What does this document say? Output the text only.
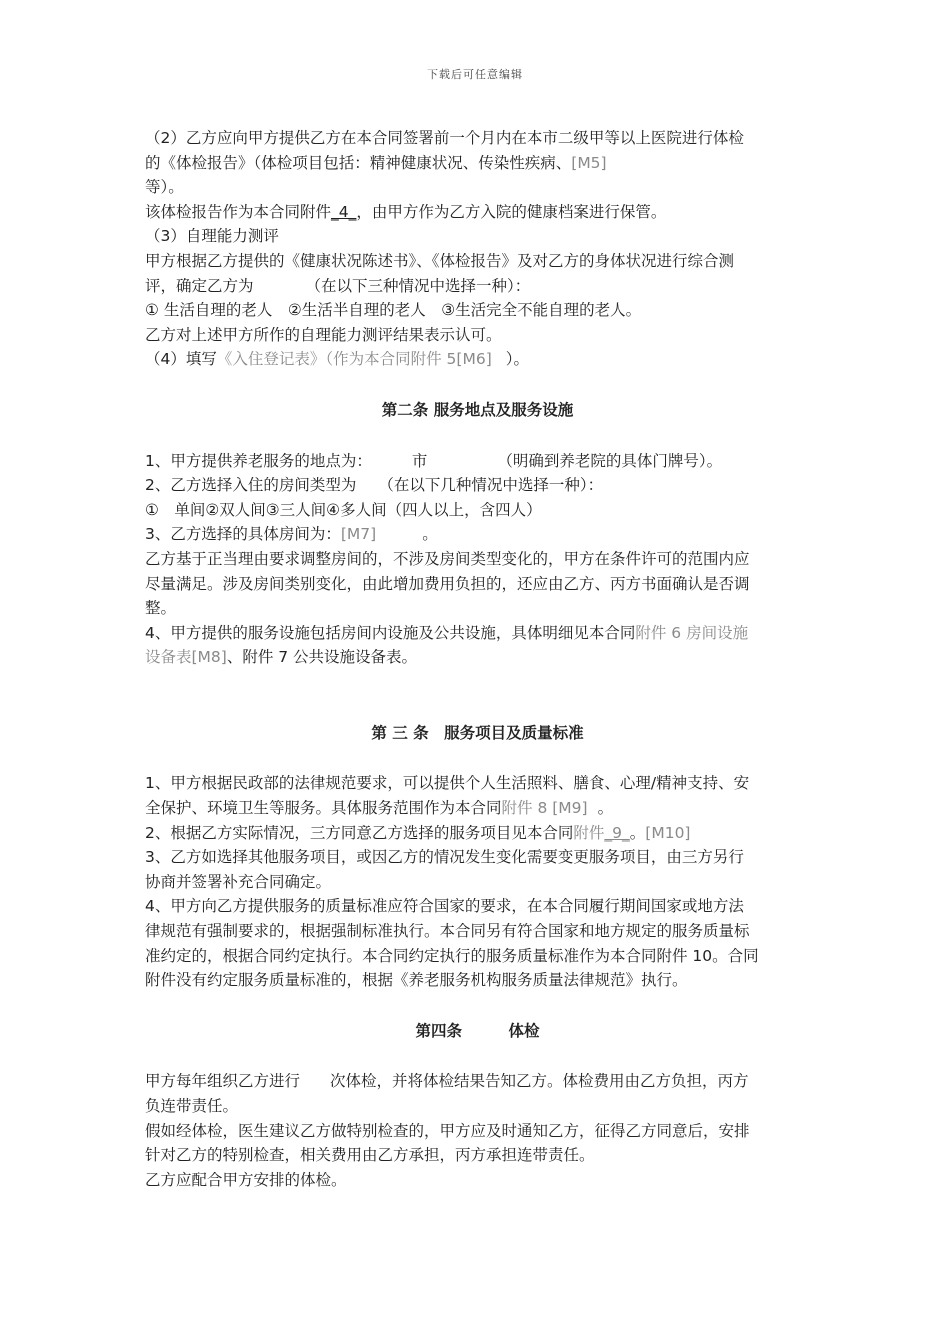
下载后可任意编辑
（2）乙方应向甲方提供乙方在本合同签署前一个月内在本市二级甲等以上医院进行体检
的《体检报告》（体检项目包括：精神健康状况、传染性疾病、[M5]
等）。
该体检报告作为本合同附件_4_，由甲方作为乙方入院的健康档案进行保管。
（3）自理能力测评
甲方根据乙方提供的《健康状况陈述书》、《体检报告》及对乙方的身体状况进行综合测
评，确定乙方为	（在以下三种情况中选择一种）：
① 生活自理的老人　②生活半自理的老人　③生活完全不能自理的老人。
乙方对上述甲方所作的自理能力测评结果表示认可。
（4）填写《入住登记表》（作为本合同附件 5[M6] ）。
第二条 服务地点及服务设施
1、甲方提供养老服务的地点为：	市	（明确到养老院的具体门牌号）。
2、乙方选择入住的房间类型为 （在以下几种情况中选择一种）：
①　单间②双人间③三人间④多人间（四人以上，含四人）
3、乙方选择的具体房间为：[M7]	。
乙方基于正当理由要求调整房间的，不涉及房间类型变化的，甲方在条件许可的范围内应
尽量满足。涉及房间类别变化，由此增加费用负担的，还应由乙方、丙方书面确认是否调
整。
4、甲方提供的服务设施包括房间内设施及公共设施，具体明细见本合同附件 6 房间设施
设备表[M8]、附件 7 公共设施设备表。
第 三 条　服务项目及质量标准
1、甲方根据民政部的法律规范要求，可以提供个人生活照料、膳食、心理/精神支持、安
全保护、环境卫生等服务。具体服务范围作为本合同附件 8 [M9] 。
2、根据乙方实际情况，三方同意乙方选择的服务项目见本合同附件_9_。[M10]
3、乙方如选择其他服务项目，或因乙方的情况发生变化需要变更服务项目，由三方另行
协商并签署补充合同确定。
4、甲方向乙方提供服务的质量标准应符合国家的要求，在本合同履行期间国家或地方法
律规范有强制要求的，根据强制标准执行。本合同另有符合国家和地方规定的服务质量标
准约定的，根据合同约定执行。本合同约定执行的服务质量标准作为本合同附件 10。合同
附件没有约定服务质量标准的，根据《养老服务机构服务质量法律规范》执行。
第四条　　　体检
甲方每年组织乙方进行 次体检，并将体检结果告知乙方。体检费用由乙方负担，丙方
负连带责任。
假如经体检，医生建议乙方做特别检查的，甲方应及时通知乙方，征得乙方同意后，安排
针对乙方的特别检查，相关费用由乙方承担，丙方承担连带责任。
乙方应配合甲方安排的体检。
